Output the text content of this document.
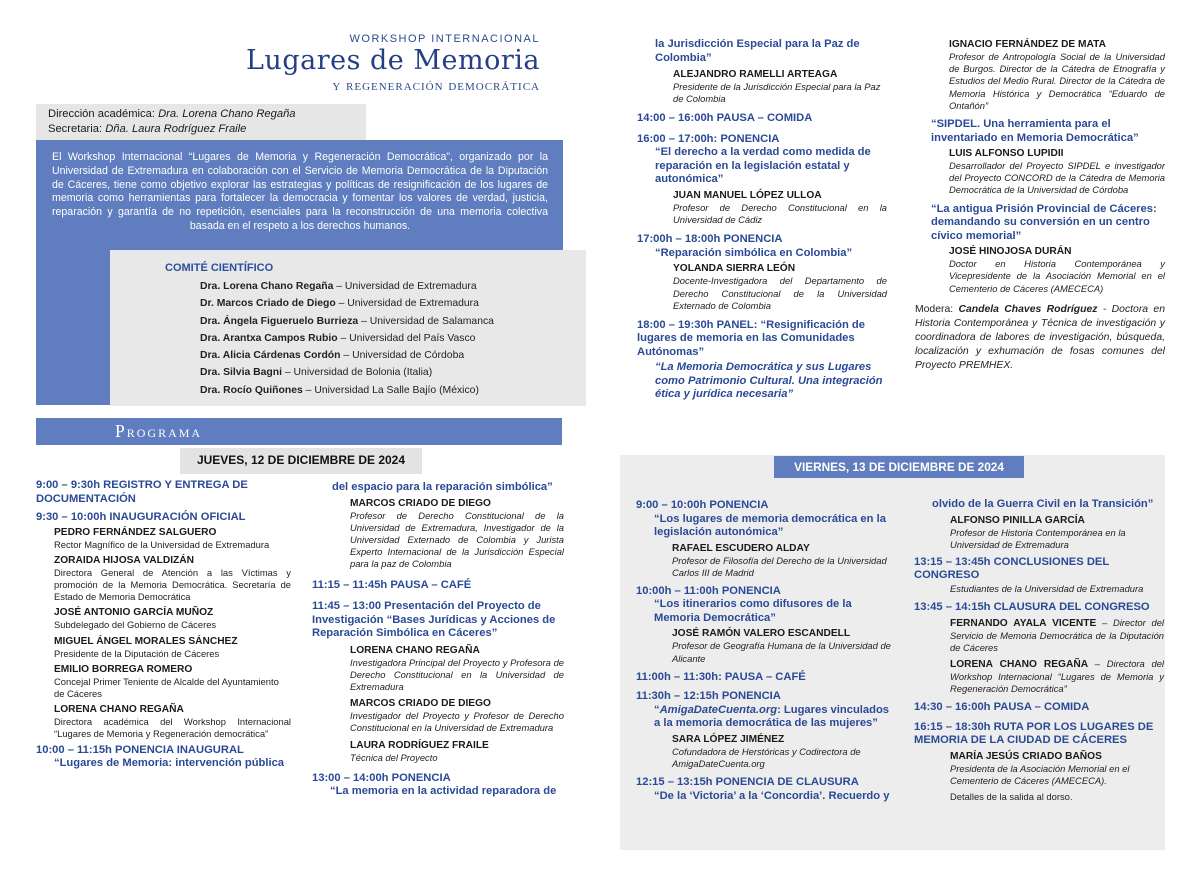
WORKSHOP INTERNACIONAL
Lugares de Memoria
y regeneración democrática
Dirección académica: Dra. Lorena Chano Regaña
Secretaria: Dña. Laura Rodríguez Fraile
El Workshop Internacional “Lugares de Memoria y Regeneración Democrática”, organizado por la Universidad de Extremadura en colaboración con el Servicio de Memoria Democrática de la Diputación de Cáceres, tiene como objetivo explorar las estrategias y políticas de resignificación de los lugares de memoria como herramientas para fortalecer la democracia y fomentar los valores de verdad, justicia, reparación y garantía de no repetición, esenciales para la reconstrucción de una memoria colectiva basada en el respeto a los derechos humanos.
COMITÉ CIENTÍFICO
Dra. Lorena Chano Regaña – Universidad de Extremadura
Dr. Marcos Criado de Diego – Universidad de Extremadura
Dra. Ángela Figueruelo Burrieza – Universidad de Salamanca
Dra. Arantxa Campos Rubio – Universidad del País Vasco
Dra. Alicia Cárdenas Cordón – Universidad de Córdoba
Dra. Silvia Bagni – Universidad de Bolonia (Italia)
Dra. Rocío Quiñones – Universidad La Salle Bajío (México)
Programa
JUEVES, 12 DE DICIEMBRE DE 2024
9:00 – 9:30h REGISTRO Y ENTREGA DE DOCUMENTACIÓN
9:30 – 10:00h INAUGURACIÓN OFICIAL
PEDRO FERNÁNDEZ SALGUERO
Rector Magnífico de la Universidad de Extremadura
ZORAIDA HIJOSA VALDIZÁN
Directora General de Atención a las Víctimas y promoción de la Memoria Democrática. Secretaría de Estado de Memoria Democrática
JOSÉ ANTONIO GARCÍA MUÑOZ
Subdelegado del Gobierno de Cáceres
MIGUEL ÁNGEL MORALES SÁNCHEZ
Presidente de la Diputación de Cáceres
EMILIO BORREGA ROMERO
Concejal Primer Teniente de Alcalde del Ayuntamiento de Cáceres
LORENA CHANO REGAÑA
Directora académica del Workshop Internacional “Lugares de Memoria y Regeneración democrática”
10:00 – 11:15h PONENCIA INAUGURAL
“Lugares de Memoria: intervención pública
del espacio para la reparación simbólica”
MARCOS CRIADO DE DIEGO
Profesor de Derecho Constitucional de la Universidad de Extremadura, Investigador de la Universidad Externado de Colombia y Jurista Experto Internacional de la Jurisdicción Especial para la paz de Colombia
11:15 – 11:45h PAUSA – CAFÉ
11:45 – 13:00 Presentación del Proyecto de Investigación “Bases Jurídicas y Acciones de Reparación Simbólica en Cáceres”
LORENA CHANO REGAÑA
Investigadora Principal del Proyecto y Profesora de Derecho Constitucional en la Universidad de Extremadura
MARCOS CRIADO DE DIEGO
Investigador del Proyecto y Profesor de Derecho Constitucional en la Universidad de Extremadura
LAURA RODRÍGUEZ FRAILE
Técnica del Proyecto
13:00 – 14:00h PONENCIA
“La memoria en la actividad reparadora de
la Jurisdicción Especial para la Paz de Colombia”
ALEJANDRO RAMELLI ARTEAGA
Presidente de la Jurisdicción Especial para la Paz de Colombia
14:00 – 16:00h PAUSA – COMIDA
16:00 – 17:00h: PONENCIA
“El derecho a la verdad como medida de reparación en la legislación estatal y autonómica”
JUAN MANUEL LÓPEZ ULLOA
Profesor de Derecho Constitucional en la Universidad de Cádiz
17:00h – 18:00h PONENCIA
“Reparación simbólica en Colombia”
YOLANDA SIERRA LEÓN
Docente-Investigadora del Departamento de Derecho Constitucional de la Universidad Externado de Colombia
18:00 – 19:30h PANEL: “Resignificación de lugares de memoria en las Comunidades Autónomas”
“La Memoria Democrática y sus Lugares como Patrimonio Cultural. Una integración ética y jurídica necesaria”
IGNACIO FERNÁNDEZ DE MATA
Profesor de Antropología Social de la Universidad de Burgos. Director de la Cátedra de Etnografía y Estudios del Medio Rural. Director de la Cátedra de Memoria Histórica y Democrática “Eduardo de Ontañón”
“SIPDEL. Una herramienta para el inventariado en Memoria Democrática”
LUIS ALFONSO LUPIDII
Desarrollador del Proyecto SIPDEL e investigador del Proyecto CONCORD de la Cátedra de Memoria Democrática de la Universidad de Córdoba
“La antigua Prisión Provincial de Cáceres: demandando su conversión en un centro cívico memorial”
JOSÉ HINOJOSA DURÁN
Doctor en Historia Contemporánea y Vicepresidente de la Asociación Memorial en el Cementerio de Cáceres (AMECECA)
Modera: Candela Chaves Rodríguez - Doctora en Historia Contemporánea y Técnica de investigación y coordinadora de labores de investigación, búsqueda, localización y exhumación de fosas comunes del Proyecto PREMHEX.
VIERNES, 13 DE DICIEMBRE DE 2024
9:00 – 10:00h PONENCIA
“Los lugares de memoria democrática en la legislación autonómica”
RAFAEL ESCUDERO ALDAY
Profesor de Filosofía del Derecho de la Universidad Carlos III de Madrid
10:00h – 11:00h PONENCIA
“Los itinerarios como difusores de la Memoria Democrática”
JOSÉ RAMÓN VALERO ESCANDELL
Profesor de Geografía Humana de la Universidad de Alicante
11:00h – 11:30h: PAUSA – CAFÉ
11:30h – 12:15h PONENCIA
“AmigaDateCuenta.org: Lugares vinculados a la memoria democrática de las mujeres”
SARA LÓPEZ JIMÉNEZ
Cofundadora de Herstóricas y Codirectora de AmigaDateCuenta.org
12:15 – 13:15h PONENCIA DE CLAUSURA
“De la ‘Victoria’ a la ‘Concordia’. Recuerdo y
olvido de la Guerra Civil en la Transición”
ALFONSO PINILLA GARCÍA
Profesor de Historia Contemporánea en la Universidad de Extremadura
13:15 – 13:45h CONCLUSIONES DEL CONGRESO
Estudiantes de la Universidad de Extremadura
13:45 – 14:15h CLAUSURA DEL CONGRESO
FERNANDO AYALA VICENTE – Director del Servicio de Memoria Democrática de la Diputación de Cáceres
LORENA CHANO REGAÑA – Directora del Workshop Internacional “Lugares de Memoria y Regeneración Democrática”
14:30 – 16:00h PAUSA – COMIDA
16:15 – 18:30h RUTA POR LOS LUGARES DE MEMORIA DE LA CIUDAD DE CÁCERES
MARÍA JESÚS CRIADO BAÑOS
Presidenta de la Asociación Memorial en el Cementerio de Cáceres (AMECECA).
Detalles de la salida al dorso.
